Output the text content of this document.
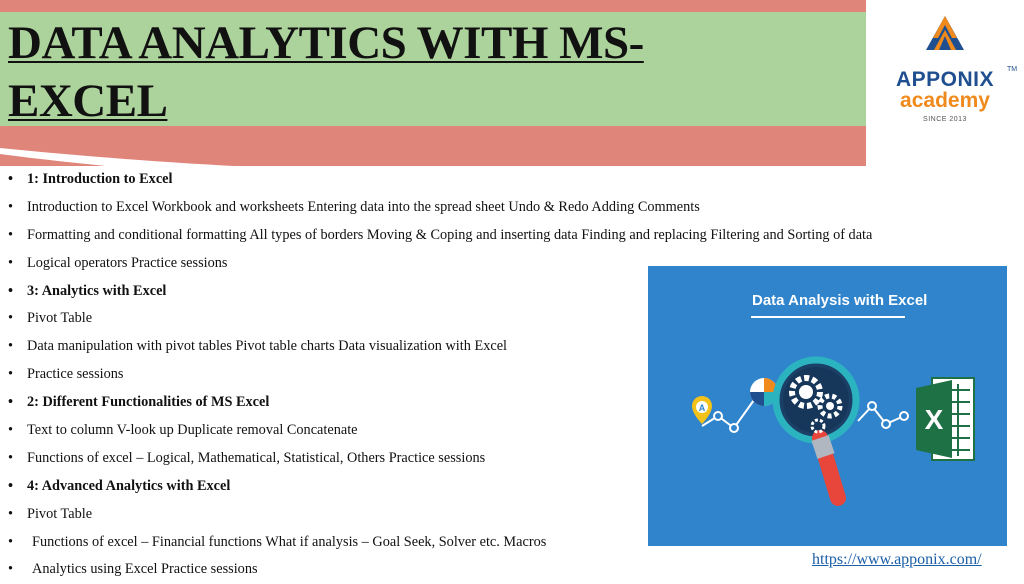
DATA ANALYTICS WITH MS-
EXCEL	APPONIX	TM
academy
SINCE 2013
• 1: Introduction to Excel
• Introduction to Excel Workbook and worksheets Entering data into the spread sheet Undo & Redo Adding Comments
• Formatting and conditional formatting All types of borders Moving & Coping and inserting data Finding and replacing Filtering and Sorting of data
• Logical operators Practice sessions
• 3: Analytics with Excel
• Pivot Table
• Data manipulation with pivot tables Pivot table charts Data visualization with Excel
• Practice sessions
• 2: Different Functionalities of MS Excel
• Text to column V-look up Duplicate removal Concatenate
• Functions of excel – Logical, Mathematical, Statistical, Others Practice sessions
• 4: Advanced Analytics with Excel
• Pivot Table
• Functions of excel – Financial functions What if analysis – Goal Seek, Solver etc. Macros
• Analytics using Excel Practice sessions
Data Analysis with Excel
A	X
https://www.apponix.com/
